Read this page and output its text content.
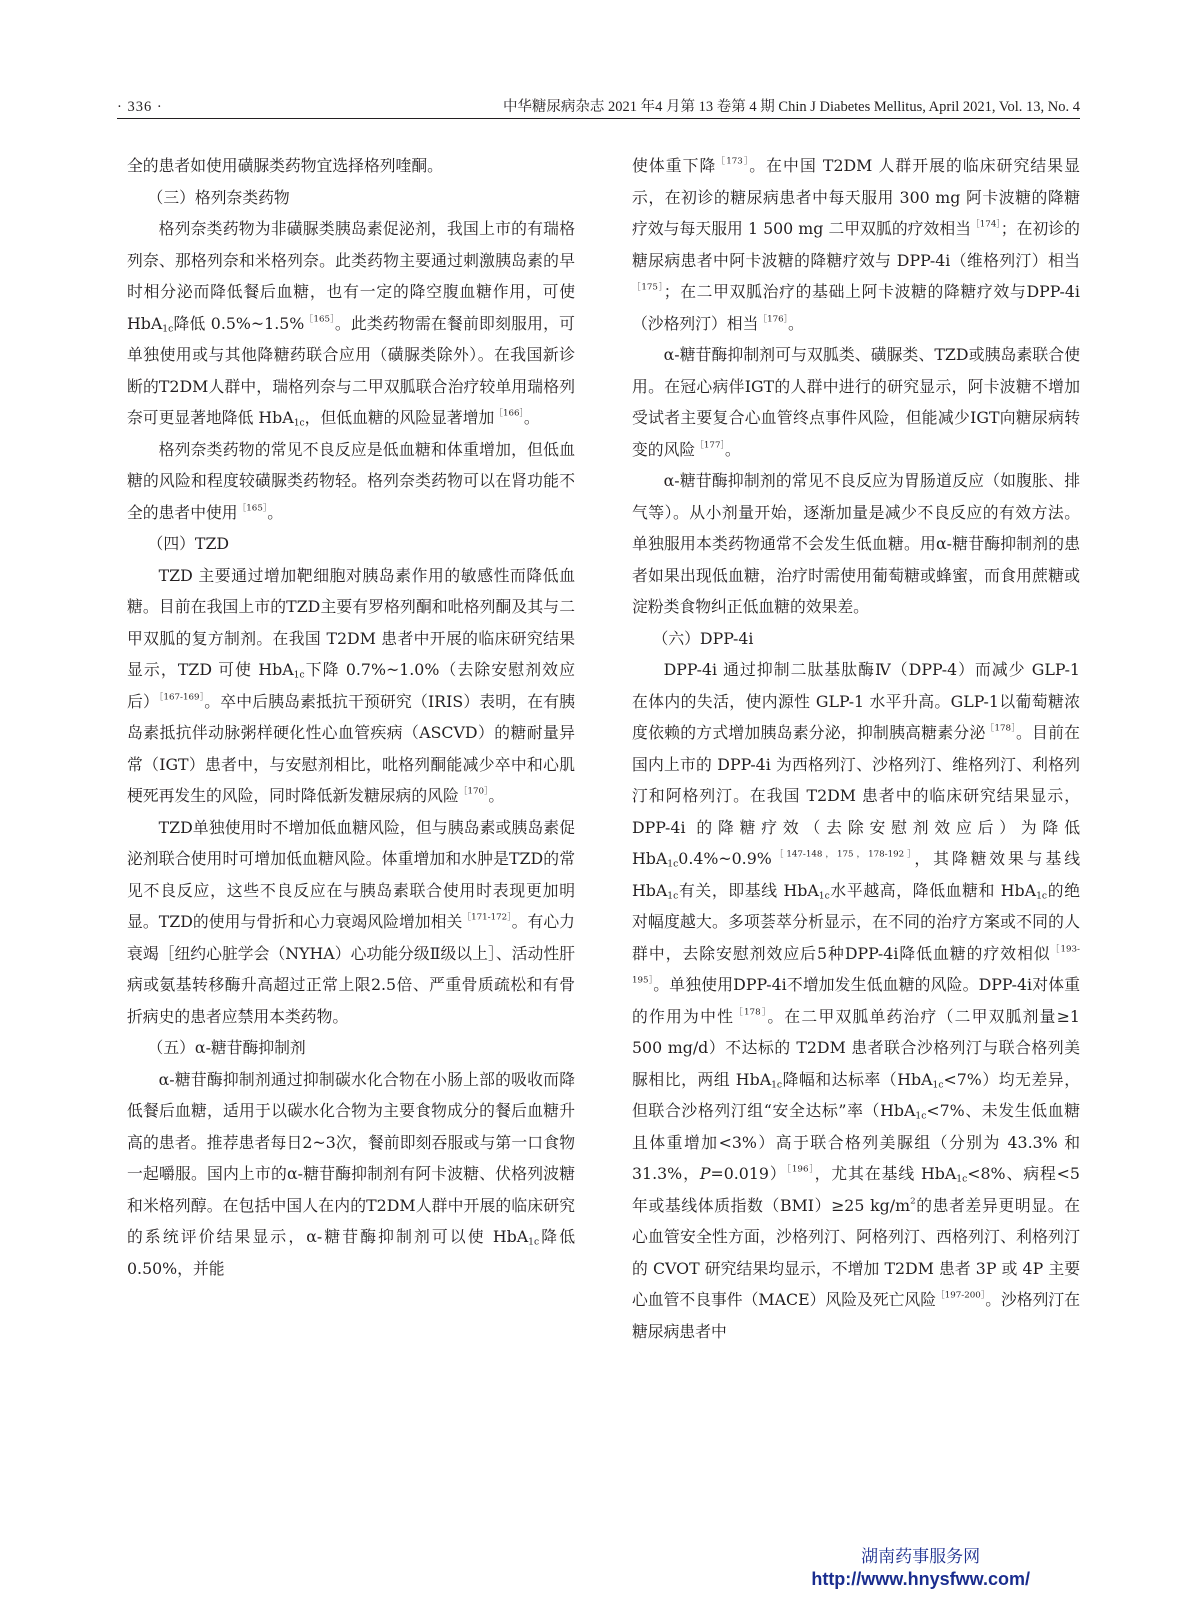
· 336 ·	中华糖尿病杂志 2021 年4 月第 13 卷第 4 期 Chin J Diabetes Mellitus, April 2021, Vol. 13, No. 4

全的患者如使用磺脲类药物宜选择格列喹酮。

（三）格列奈类药物

格列奈类药物为非磺脲类胰岛素促泌剂，我国上市的有瑞格列奈、那格列奈和米格列奈。此类药物主要通过刺激胰岛素的早时相分泌而降低餐后血糖，也有一定的降空腹血糖作用，可使 HbA$_{1c}$降低 0.5%~1.5%$^{[165]}$。此类药物需在餐前即刻服用，可单独使用或与其他降糖药联合应用（磺脲类除外）。在我国新诊断的T2DM人群中，瑞格列奈与二甲双胍联合治疗较单用瑞格列奈可更显著地降低 HbA$_{1c}$，但低血糖的风险显著增加$^{[166]}$。

格列奈类药物的常见不良反应是低血糖和体重增加，但低血糖的风险和程度较磺脲类药物轻。格列奈类药物可以在肾功能不全的患者中使用$^{[165]}$。

（四）TZD

TZD 主要通过增加靶细胞对胰岛素作用的敏感性而降低血糖。目前在我国上市的TZD主要有罗格列酮和吡格列酮及其与二甲双胍的复方制剂。在我国 T2DM 患者中开展的临床研究结果显示，TZD 可使 HbA$_{1c}$下降 0.7%~1.0%（去除安慰剂效应后）$^{[167-169]}$。卒中后胰岛素抵抗干预研究（IRIS）表明，在有胰岛素抵抗伴动脉粥样硬化性心血管疾病（ASCVD）的糖耐量异常（IGT）患者中，与安慰剂相比，吡格列酮能减少卒中和心肌梗死再发生的风险，同时降低新发糖尿病的风险$^{[170]}$。

TZD单独使用时不增加低血糖风险，但与胰岛素或胰岛素促泌剂联合使用时可增加低血糖风险。体重增加和水肿是TZD的常见不良反应，这些不良反应在与胰岛素联合使用时表现更加明显。TZD的使用与骨折和心力衰竭风险增加相关$^{[171-172]}$。有心力衰竭［纽约心脏学会（NYHA）心功能分级Ⅱ级以上］、活动性肝病或氨基转移酶升高超过正常上限2.5倍、严重骨质疏松和有骨折病史的患者应禁用本类药物。

（五）α-糖苷酶抑制剂

α-糖苷酶抑制剂通过抑制碳水化合物在小肠上部的吸收而降低餐后血糖，适用于以碳水化合物为主要食物成分的餐后血糖升高的患者。推荐患者每日2~3次，餐前即刻吞服或与第一口食物一起嚼服。国内上市的α-糖苷酶抑制剂有阿卡波糖、伏格列波糖和米格列醇。在包括中国人在内的T2DM人群中开展的临床研究的系统评价结果显示，α-糖苷酶抑制剂可以使 HbA$_{1c}$降低 0.50%，并能

使体重下降$^{[173]}$。在中国 T2DM 人群开展的临床研究结果显示，在初诊的糖尿病患者中每天服用 300 mg 阿卡波糖的降糖疗效与每天服用 1 500 mg 二甲双胍的疗效相当$^{[174]}$；在初诊的糖尿病患者中阿卡波糖的降糖疗效与 DPP-4i（维格列汀）相当$^{[175]}$；在二甲双胍治疗的基础上阿卡波糖的降糖疗效与DPP-4i（沙格列汀）相当$^{[176]}$。

α-糖苷酶抑制剂可与双胍类、磺脲类、TZD或胰岛素联合使用。在冠心病伴IGT的人群中进行的研究显示，阿卡波糖不增加受试者主要复合心血管终点事件风险，但能减少IGT向糖尿病转变的风险$^{[177]}$。

α-糖苷酶抑制剂的常见不良反应为胃肠道反应（如腹胀、排气等）。从小剂量开始，逐渐加量是减少不良反应的有效方法。单独服用本类药物通常不会发生低血糖。用α-糖苷酶抑制剂的患者如果出现低血糖，治疗时需使用葡萄糖或蜂蜜，而食用蔗糖或淀粉类食物纠正低血糖的效果差。

（六）DPP-4i

DPP-4i 通过抑制二肽基肽酶Ⅳ（DPP-4）而减少 GLP-1 在体内的失活，使内源性 GLP-1 水平升高。GLP-1以葡萄糖浓度依赖的方式增加胰岛素分泌，抑制胰高糖素分泌$^{[178]}$。目前在国内上市的 DPP-4i 为西格列汀、沙格列汀、维格列汀、利格列汀和阿格列汀。在我国 T2DM 患者中的临床研究结果显示，DPP-4i 的降糖疗效（去除安慰剂效应后）为降低 HbA$_{1c}$0.4%~0.9%$^{[147-148,175,178-192]}$，其降糖效果与基线 HbA$_{1c}$有关，即基线 HbA$_{1c}$水平越高，降低血糖和 HbA$_{1c}$的绝对幅度越大。多项荟萃分析显示，在不同的治疗方案或不同的人群中，去除安慰剂效应后5种DPP-4i降低血糖的疗效相似$^{[193-195]}$。单独使用DPP-4i不增加发生低血糖的风险。DPP-4i对体重的作用为中性$^{[178]}$。在二甲双胍单药治疗（二甲双胍剂量≥1 500 mg/d）不达标的 T2DM 患者联合沙格列汀与联合格列美脲相比，两组 HbA$_{1c}$降幅和达标率（HbA$_{1c}$<7%）均无差异，但联合沙格列汀组“安全达标”率（HbA$_{1c}$<7%、未发生低血糖且体重增加<3%）高于联合格列美脲组（分别为 43.3% 和 31.3%，P=0.019）$^{[196]}$，尤其在基线 HbA$_{1c}$<8%、病程<5 年或基线体质指数（BMI）≥25 $kg/m^2$的患者差异更明显。在心血管安全性方面，沙格列汀、阿格列汀、西格列汀、利格列汀的 CVOT 研究结果均显示，不增加 T2DM 患者 3P 或 4P 主要心血管不良事件（MACE）风险及死亡风险$^{[197-200]}$。沙格列汀在糖尿病患者中

湖南药事服务网
http://www.hnysfww.com/
